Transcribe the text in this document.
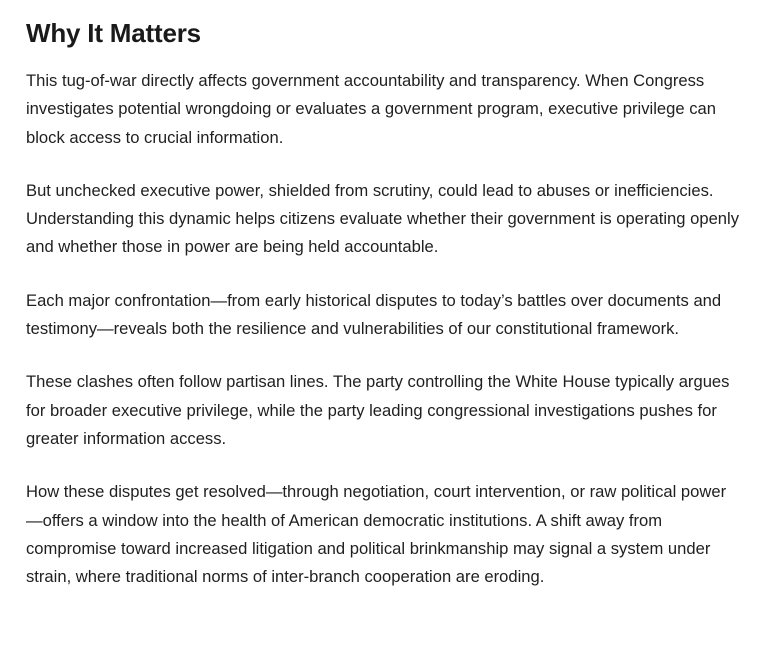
Why It Matters

This tug-of-war directly affects government accountability and transparency. When Congress investigates potential wrongdoing or evaluates a government program, executive privilege can block access to crucial information.

But unchecked executive power, shielded from scrutiny, could lead to abuses or inefficiencies. Understanding this dynamic helps citizens evaluate whether their government is operating openly and whether those in power are being held accountable.

Each major confrontation—from early historical disputes to today’s battles over documents and testimony—reveals both the resilience and vulnerabilities of our constitutional framework.

These clashes often follow partisan lines. The party controlling the White House typically argues for broader executive privilege, while the party leading congressional investigations pushes for greater information access.

How these disputes get resolved—through negotiation, court intervention, or raw political power—offers a window into the health of American democratic institutions. A shift away from compromise toward increased litigation and political brinkmanship may signal a system under strain, where traditional norms of inter-branch cooperation are eroding.
